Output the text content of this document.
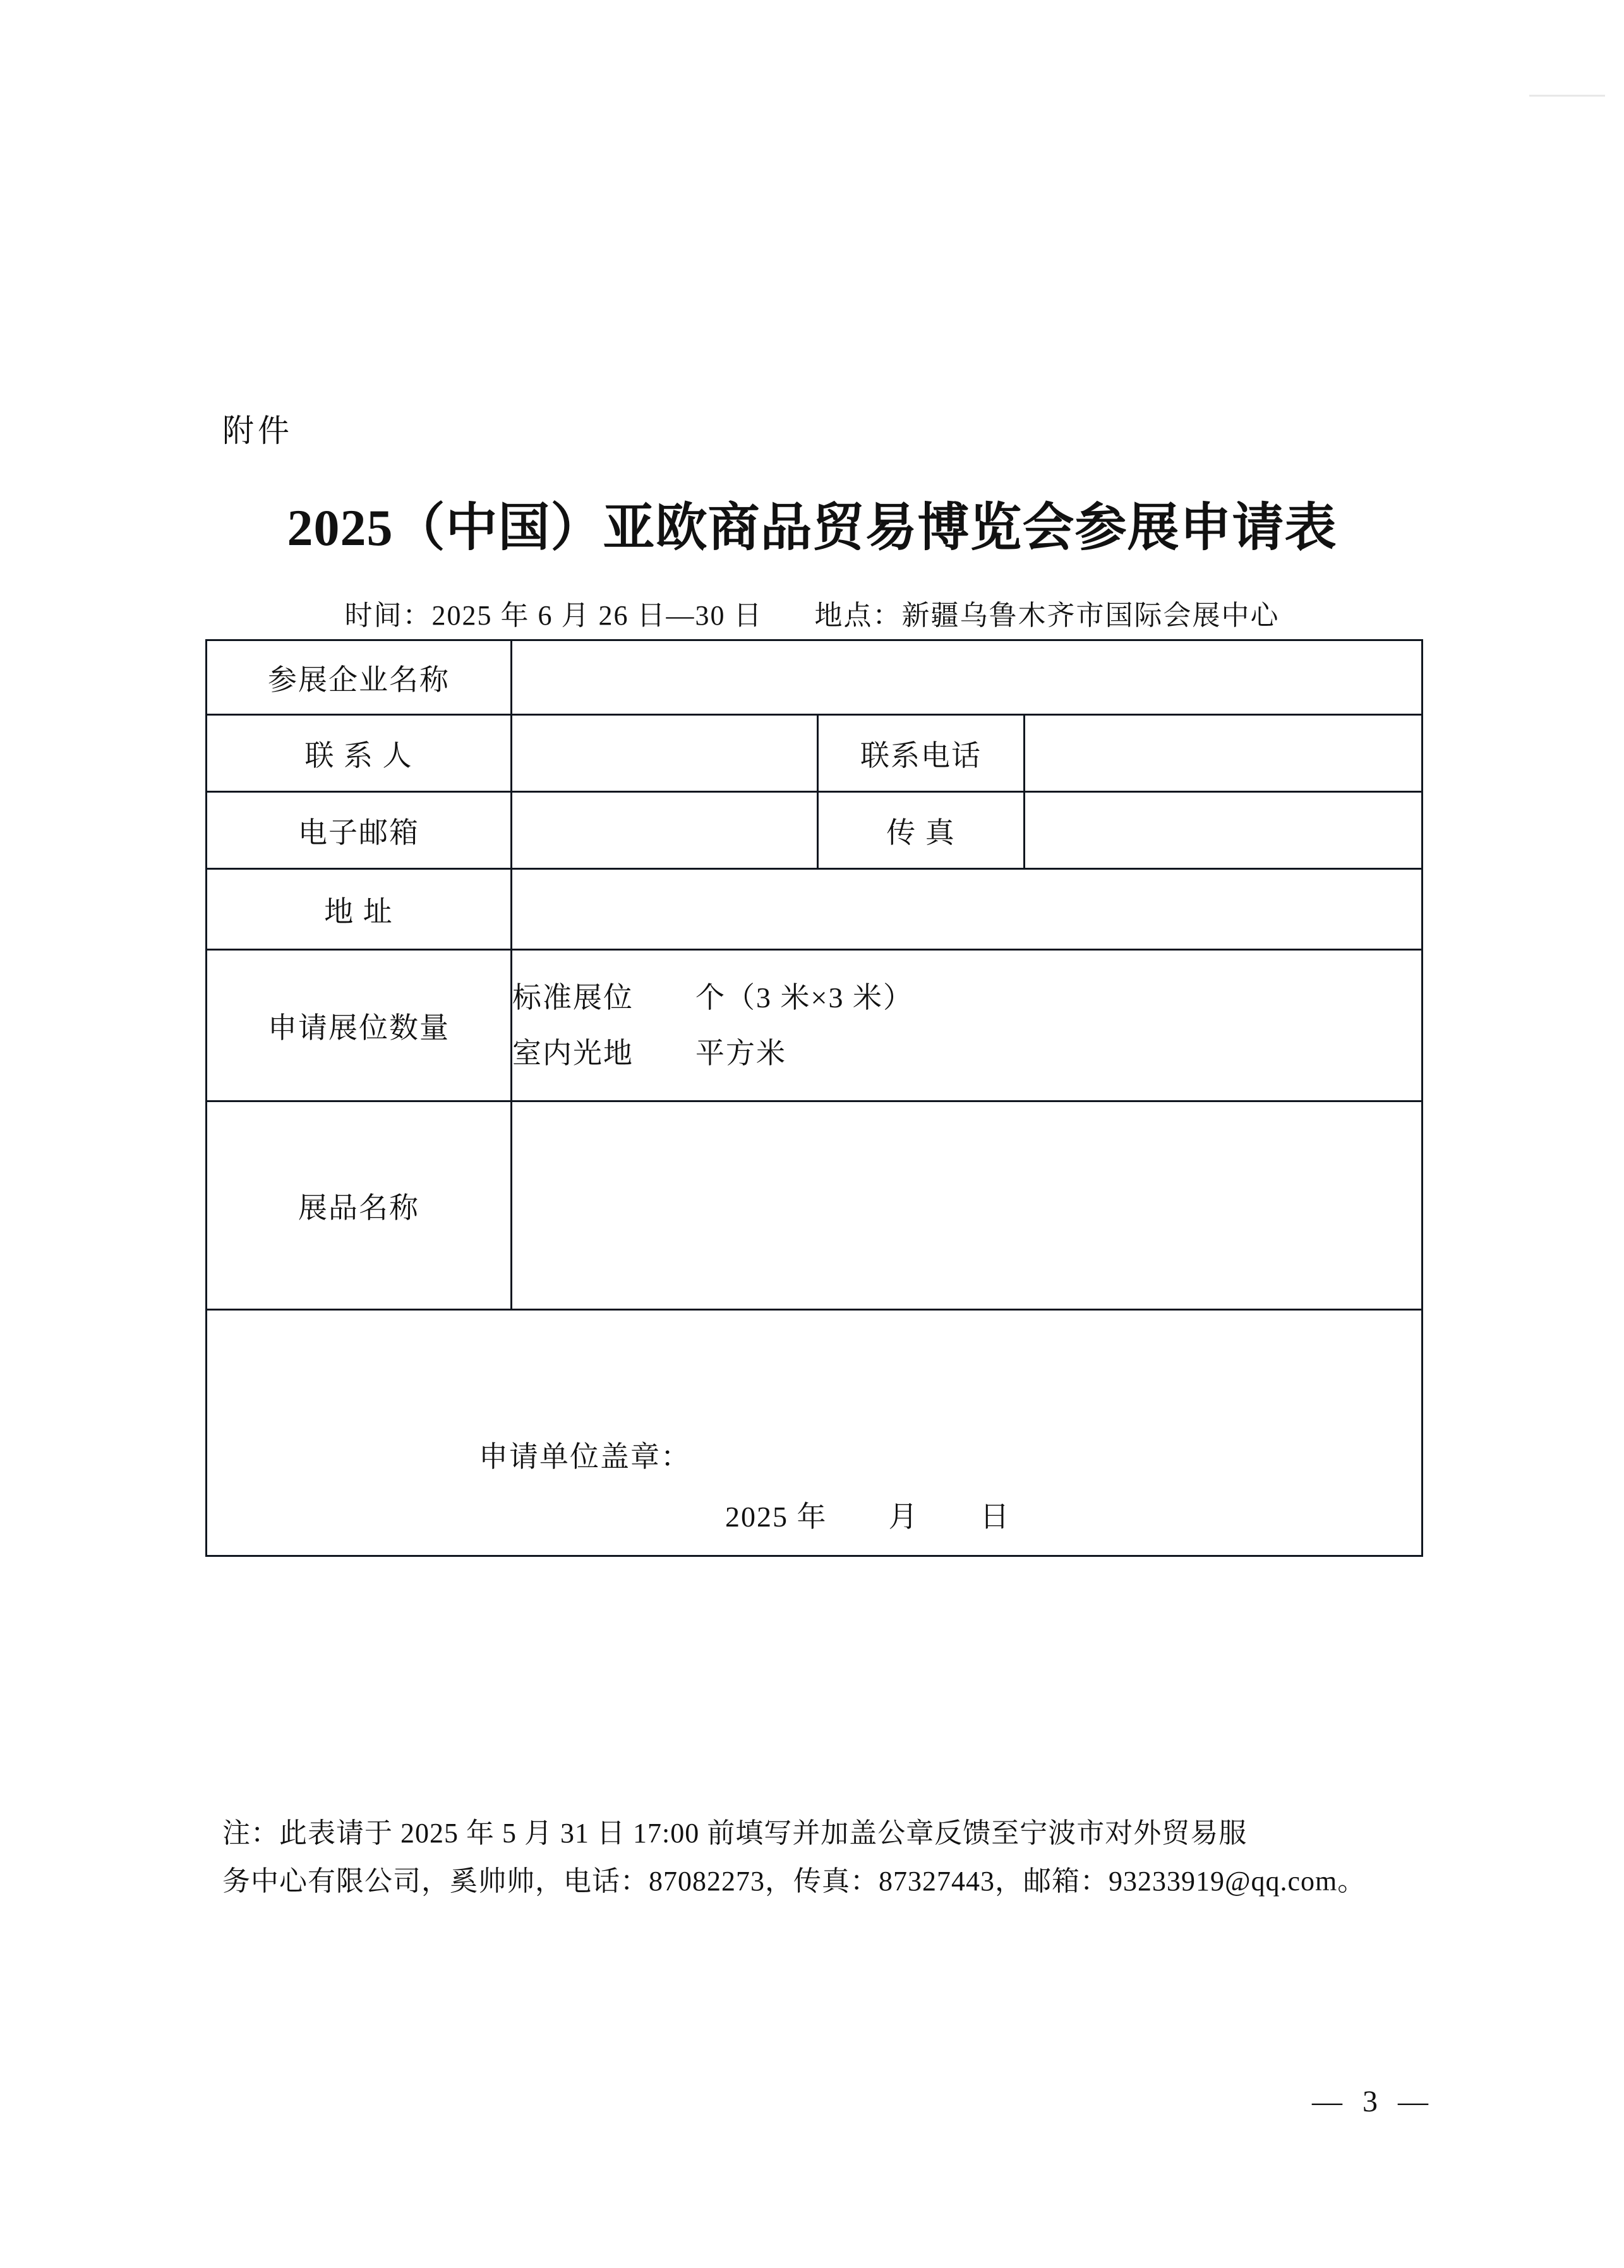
附件
2025（中国）亚欧商品贸易博览会参展申请表
时间：2025 年 6 月 26 日—30 日 地点：新疆乌鲁木齐市国际会展中心
参展企业名称			
联 系 人		联系电话	
电子邮箱		传 真	
地 址			
申请展位数量	标准展位 个（3 米×3 米）
室内光地 平方米		

展品名称			

申请单位盖章：
2025 年 月 日			
注：此表请于 2025 年 5 月 31 日 17:00 前填写并加盖公章反馈至宁波市对外贸易服
务中心有限公司，奚帅帅，电话：87082273，传真：87327443，邮箱：93233919@qq.com。
— 3 —
